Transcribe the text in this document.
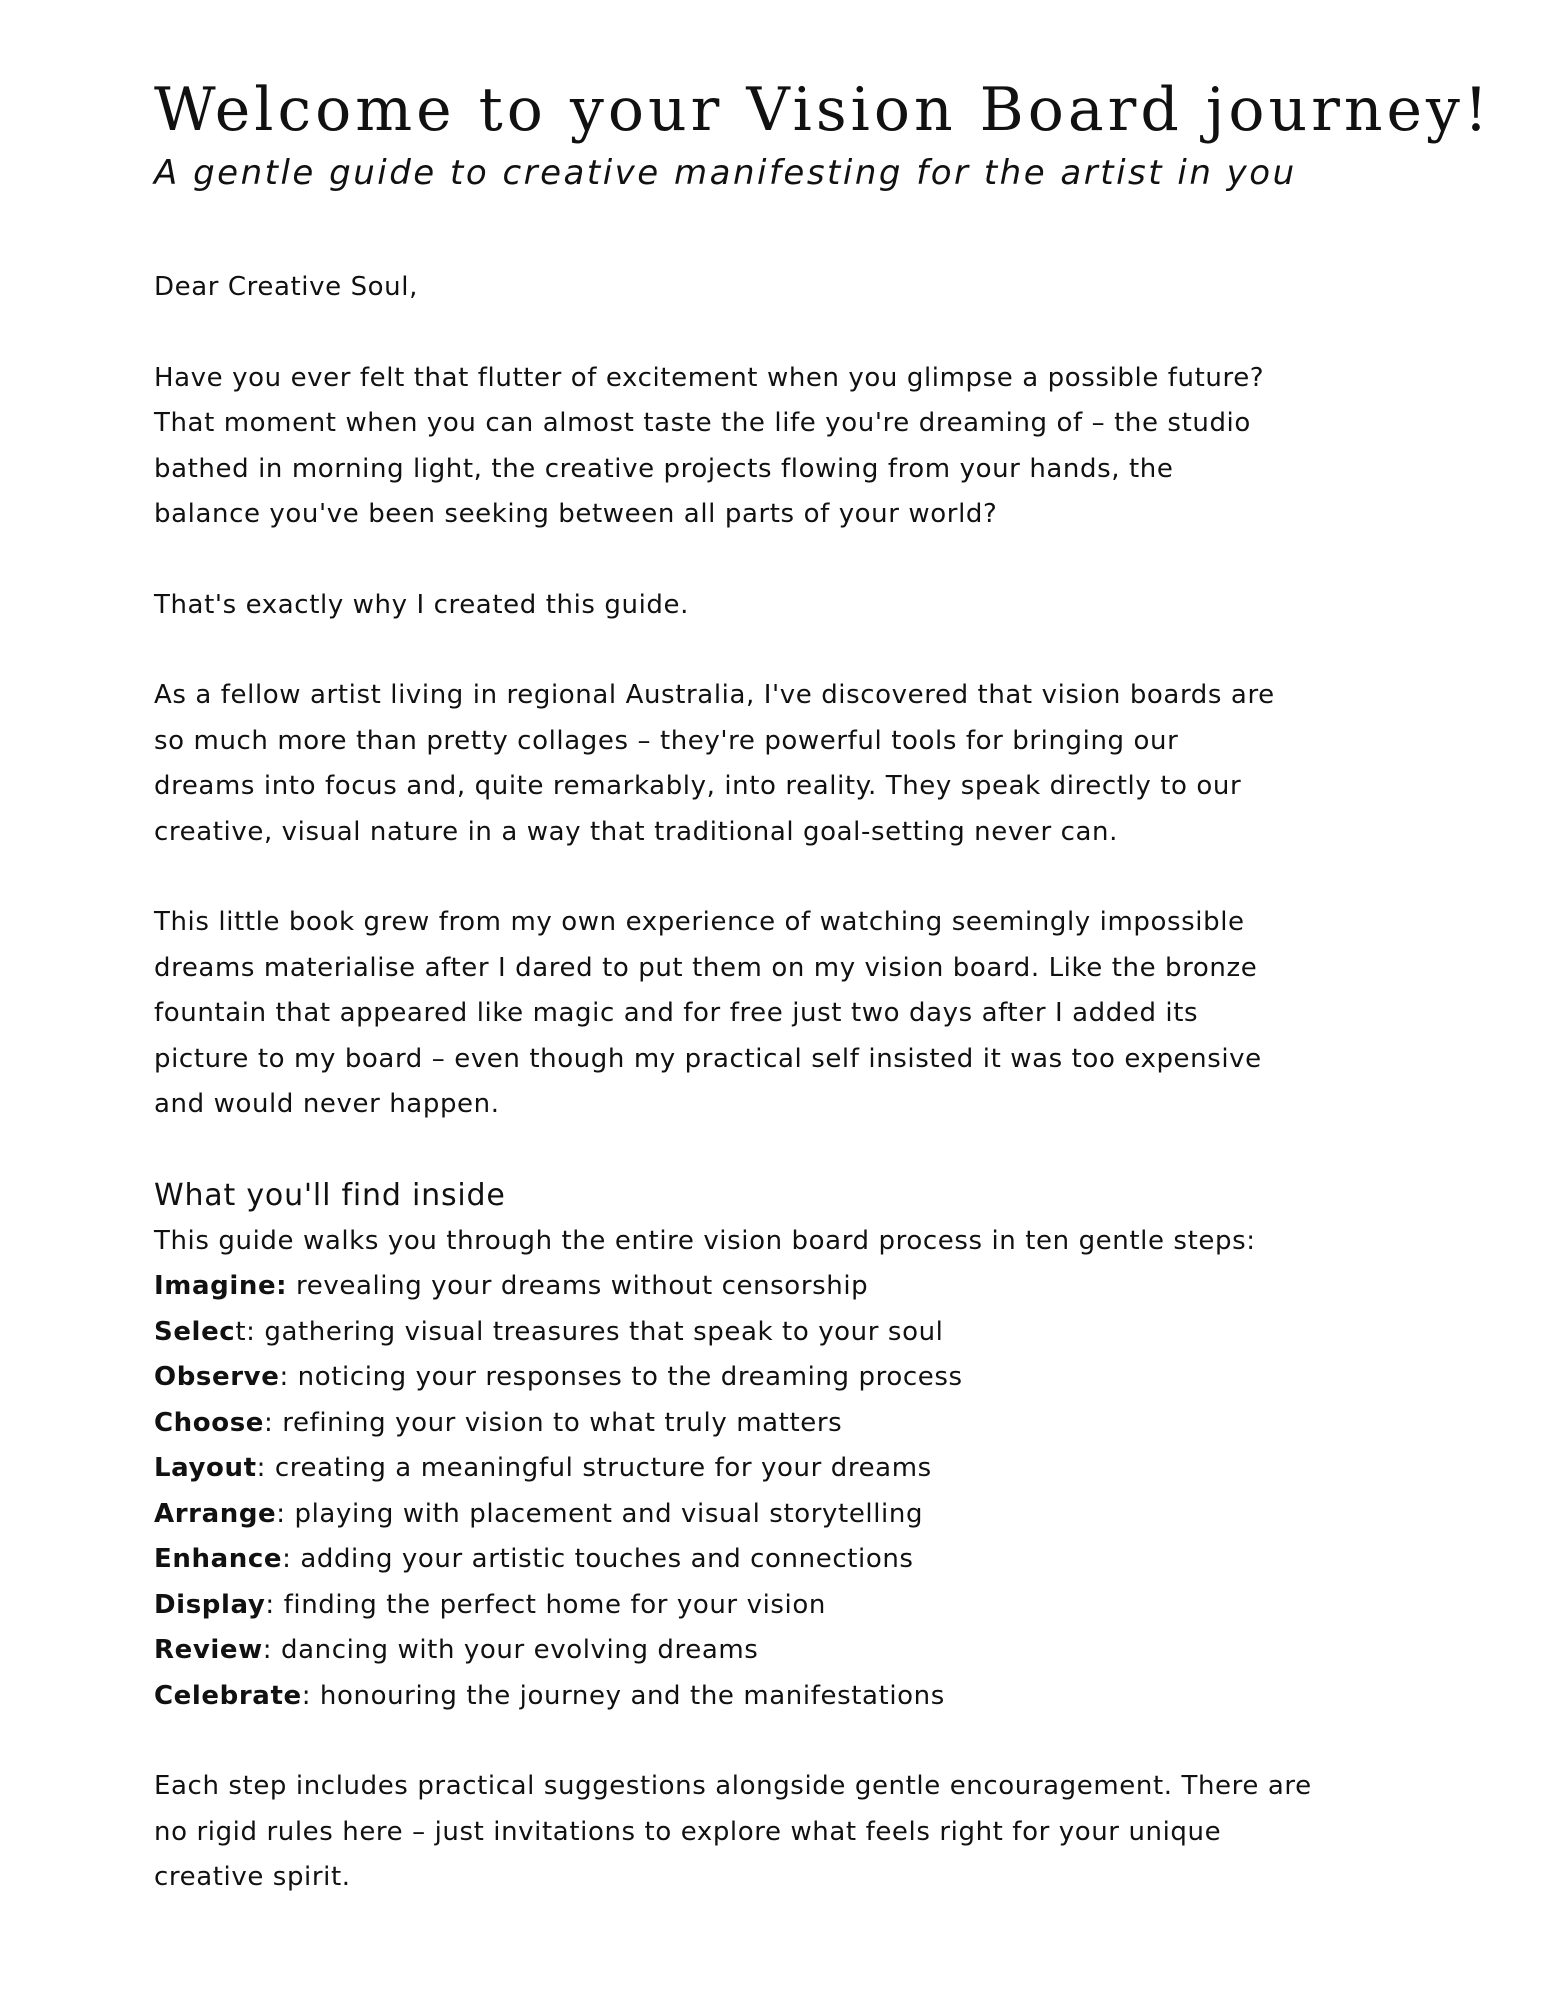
Welcome to your Vision Board journey!

A gentle guide to creative manifesting for the artist in you

Dear Creative Soul,

Have you ever felt that flutter of excitement when you glimpse a possible future?
That moment when you can almost taste the life you're dreaming of – the studio
bathed in morning light, the creative projects flowing from your hands, the
balance you've been seeking between all parts of your world?

That's exactly why I created this guide.

As a fellow artist living in regional Australia, I've discovered that vision boards are
so much more than pretty collages – they're powerful tools for bringing our
dreams into focus and, quite remarkably, into reality. They speak directly to our
creative, visual nature in a way that traditional goal-setting never can.

This little book grew from my own experience of watching seemingly impossible
dreams materialise after I dared to put them on my vision board. Like the bronze
fountain that appeared like magic and for free just two days after I added its
picture to my board – even though my practical self insisted it was too expensive
and would never happen.

What you'll find inside

This guide walks you through the entire vision board process in ten gentle steps:

Imagine: revealing your dreams without censorship
Select: gathering visual treasures that speak to your soul
Observe: noticing your responses to the dreaming process
Choose: refining your vision to what truly matters
Layout: creating a meaningful structure for your dreams
Arrange: playing with placement and visual storytelling
Enhance: adding your artistic touches and connections
Display: finding the perfect home for your vision
Review: dancing with your evolving dreams
Celebrate: honouring the journey and the manifestations

Each step includes practical suggestions alongside gentle encouragement. There are
no rigid rules here – just invitations to explore what feels right for your unique
creative spirit.
